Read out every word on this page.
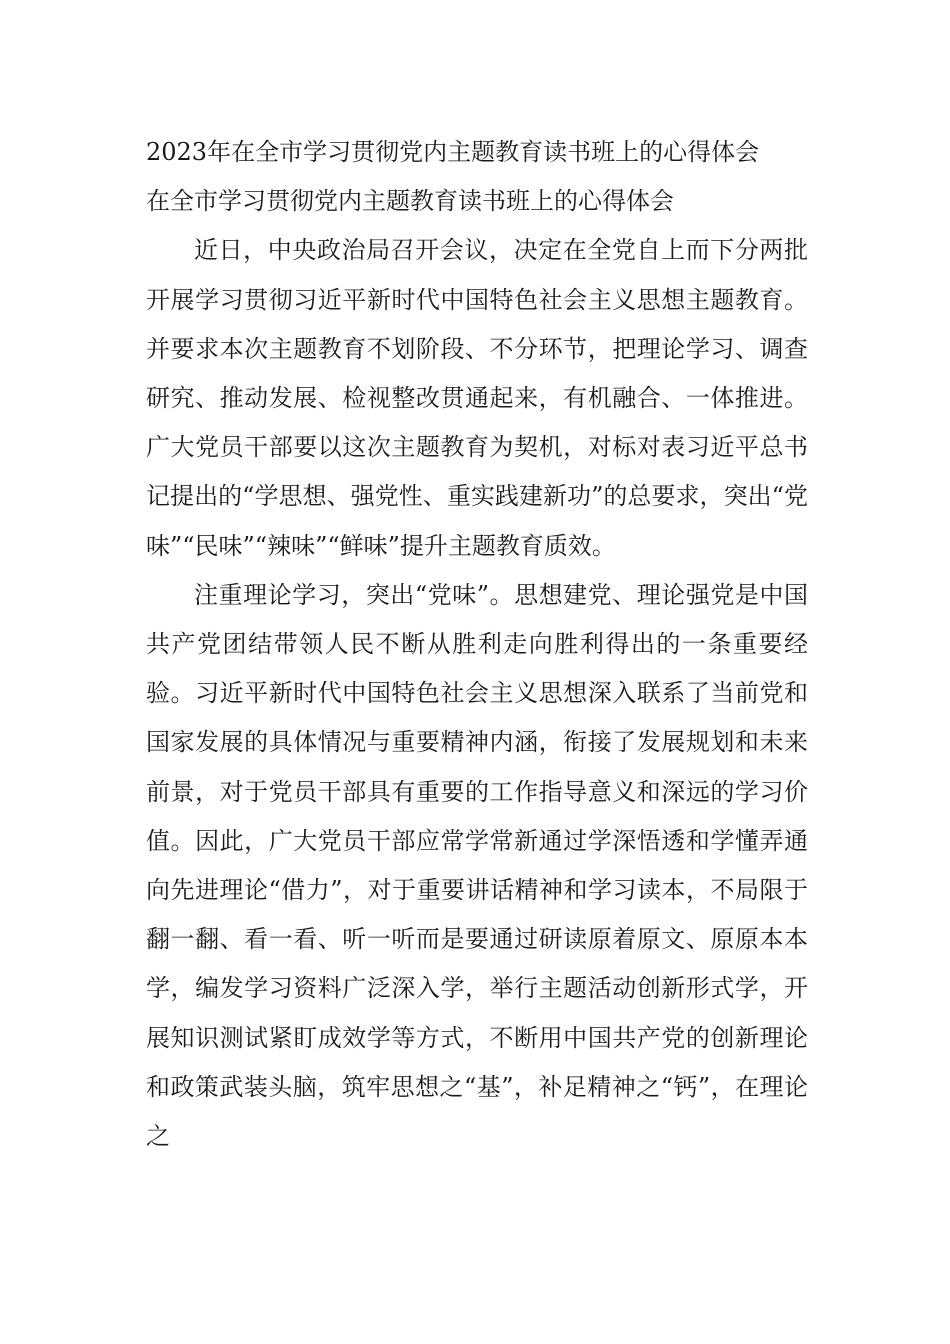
2023年在全市学习贯彻党内主题教育读书班上的心得体会

在全市学习贯彻党内主题教育读书班上的心得体会

近日，中央政治局召开会议，决定在全党自上而下分两批开展学习贯彻习近平新时代中国特色社会主义思想主题教育。并要求本次主题教育不划阶段、不分环节，把理论学习、调查研究、推动发展、检视整改贯通起来，有机融合、一体推进。广大党员干部要以这次主题教育为契机，对标对表习近平总书记提出的“学思想、强党性、重实践建新功”的总要求，突出“党味”“民味”“辣味”“鲜味”提升主题教育质效。

注重理论学习，突出“党味”。思想建党、理论强党是中国共产党团结带领人民不断从胜利走向胜利得出的一条重要经验。习近平新时代中国特色社会主义思想深入联系了当前党和国家发展的具体情况与重要精神内涵，衔接了发展规划和未来前景，对于党员干部具有重要的工作指导意义和深远的学习价值。因此，广大党员干部应常学常新通过学深悟透和学懂弄通向先进理论“借力”，对于重要讲话精神和学习读本，不局限于翻一翻、看一看、听一听而是要通过研读原着原文、原原本本学，编发学习资料广泛深入学，举行主题活动创新形式学，开展知识测试紧盯成效学等方式，不断用中国共产党的创新理论和政策武装头脑，筑牢思想之“基”，补足精神之“钙”，在理论之
